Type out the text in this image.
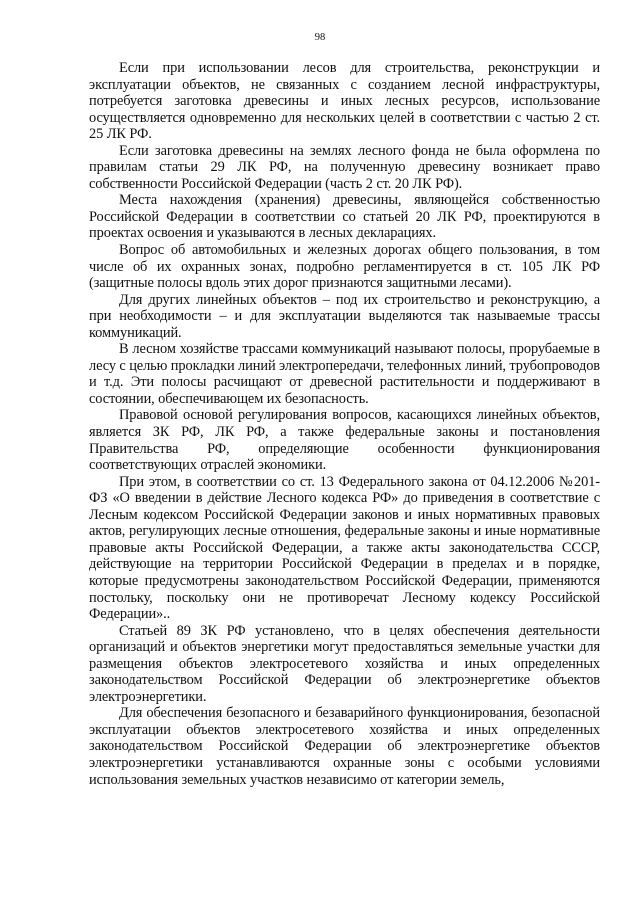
98

Если при использовании лесов для строительства, реконструкции и эксплуатации объектов, не связанных с созданием лесной инфраструктуры, потребуется заготовка древесины и иных лесных ресурсов, использование осуществляется одновременно для нескольких целей в соответствии с частью 2 ст. 25 ЛК РФ.

Если заготовка древесины на землях лесного фонда не была оформлена по правилам статьи 29 ЛК РФ, на полученную древесину возникает право собственности Российской Федерации (часть 2 ст. 20 ЛК РФ).

Места нахождения (хранения) древесины, являющейся собственностью Российской Федерации в соответствии со статьей 20 ЛК РФ, проектируются в проектах освоения и указываются в лесных декларациях.

Вопрос об автомобильных и железных дорогах общего пользования, в том числе об их охранных зонах, подробно регламентируется в ст. 105 ЛК РФ (защитные полосы вдоль этих дорог признаются защитными лесами).

Для других линейных объектов – под их строительство и реконструкцию, а при необходимости – и для эксплуатации выделяются так называемые трассы коммуникаций.

В лесном хозяйстве трассами коммуникаций называют полосы, прорубаемые в лесу с целью прокладки линий электропередачи, телефонных линий, трубопроводов и т.д. Эти полосы расчищают от древесной растительности и поддерживают в состоянии, обеспечивающем их безопасность.

Правовой основой регулирования вопросов, касающихся линейных объектов, является ЗК РФ, ЛК РФ, а также федеральные законы и постановления Правительства РФ, определяющие особенности функционирования соответствующих отраслей экономики.

При этом, в соответствии со ст. 13 Федерального закона от 04.12.2006 №201-ФЗ «О введении в действие Лесного кодекса РФ» до приведения в соответствие с Лесным кодексом Российской Федерации законов и иных нормативных правовых актов, регулирующих лесные отношения, федеральные законы и иные нормативные правовые акты Российской Федерации, а также акты законодательства СССР, действующие на территории Российской Федерации в пределах и в порядке, которые предусмотрены законодательством Российской Федерации, применяются постольку, поскольку они не противоречат Лесному кодексу Российской Федерации»..

Статьей 89 ЗК РФ установлено, что в целях обеспечения деятельности организаций и объектов энергетики могут предоставляться земельные участки для размещения объектов электросетевого хозяйства и иных определенных законодательством Российской Федерации об электроэнергетике объектов электроэнергетики.

Для обеспечения безопасного и безаварийного функционирования, безопасной эксплуатации объектов электросетевого хозяйства и иных определенных законодательством Российской Федерации об электроэнергетике объектов электроэнергетики устанавливаются охранные зоны с особыми условиями использования земельных участков независимо от категории земель,
